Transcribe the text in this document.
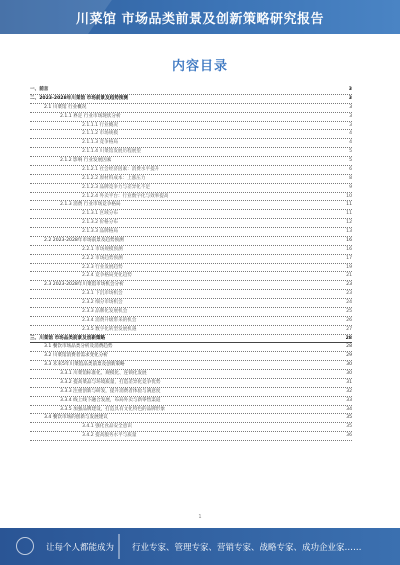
川菜馆 市场品类前景及创新策略研究报告
内容目录
一、前言	3
二、2023-2028年川菜馆 市场前景及趋势预测	3
2.1 川菜馆 行业概况	3
2.1.1 界定 行业市场现状分析	3
2.1.1.1 行业概况	3
2.1.1.2 市场规模	4
2.1.1.3 竞争格局	4
2.1.1.4 川菜馆发展历程展望	5
2.1.2 影响 行业发展因素	5
2.1.2.1 社会经济因素：消费水平提升	6
2.1.2.2 原材料成本：上涨压力	8
2.1.2.3 品牌竞争力与差异化不足	9
2.1.2.4 外卖平台：行业数字化与效率提高	10
2.1.3 消费 行业市场竞争格局	11
2.1.3.1 区域分布	11
2.1.3.2 价格分布	12
2.1.3.3 品牌格局	13
2.2 2023-2028年市场前景及趋势预测	16
2.2.1 市场规模预测	16
2.2.2 市场趋势预测	17
2.2.3 行业发展趋势	19
2.2.4 竞争格局变化趋势	21
2.3 2023-2028年川菜馆市场机会分析	23
2.3.1 下沉市场机会	23
2.3.2 细分市场机会	24
2.3.3 品牌化发展机会	25
2.3.4 消费升级带来的机会	26
2.3.5 数字化转型发展机遇	27
三、川菜馆 市场品类前景及创新策略	28
3.1 餐饮市场品类分析及消费趋势	28
3.2 川菜馆消费者需求变化分析	29
3.3 未来5年川菜馆品类前景及创新策略	30
3.3.1 川菜馆标准化、规模化、连锁化发展	30
3.3.2 提高菜品与环境质量，打造差异化竞争优势	31
3.3.3 注重创新与研发，提升消费者体验与满意度	32
3.3.4 线上线下融合发展，布局外卖与新零售渠道	33
3.3.5 加强品牌建设，打造具有文化特色的品牌形象	34
3.4 餐饮市场的创新与发展建议	35
3.4.1 强化食品安全意识	35
3.4.2 提高服务水平与质量	36
1
让每个人都能成为 行业专家、管理专家、营销专家、战略专家、成功企业家……
